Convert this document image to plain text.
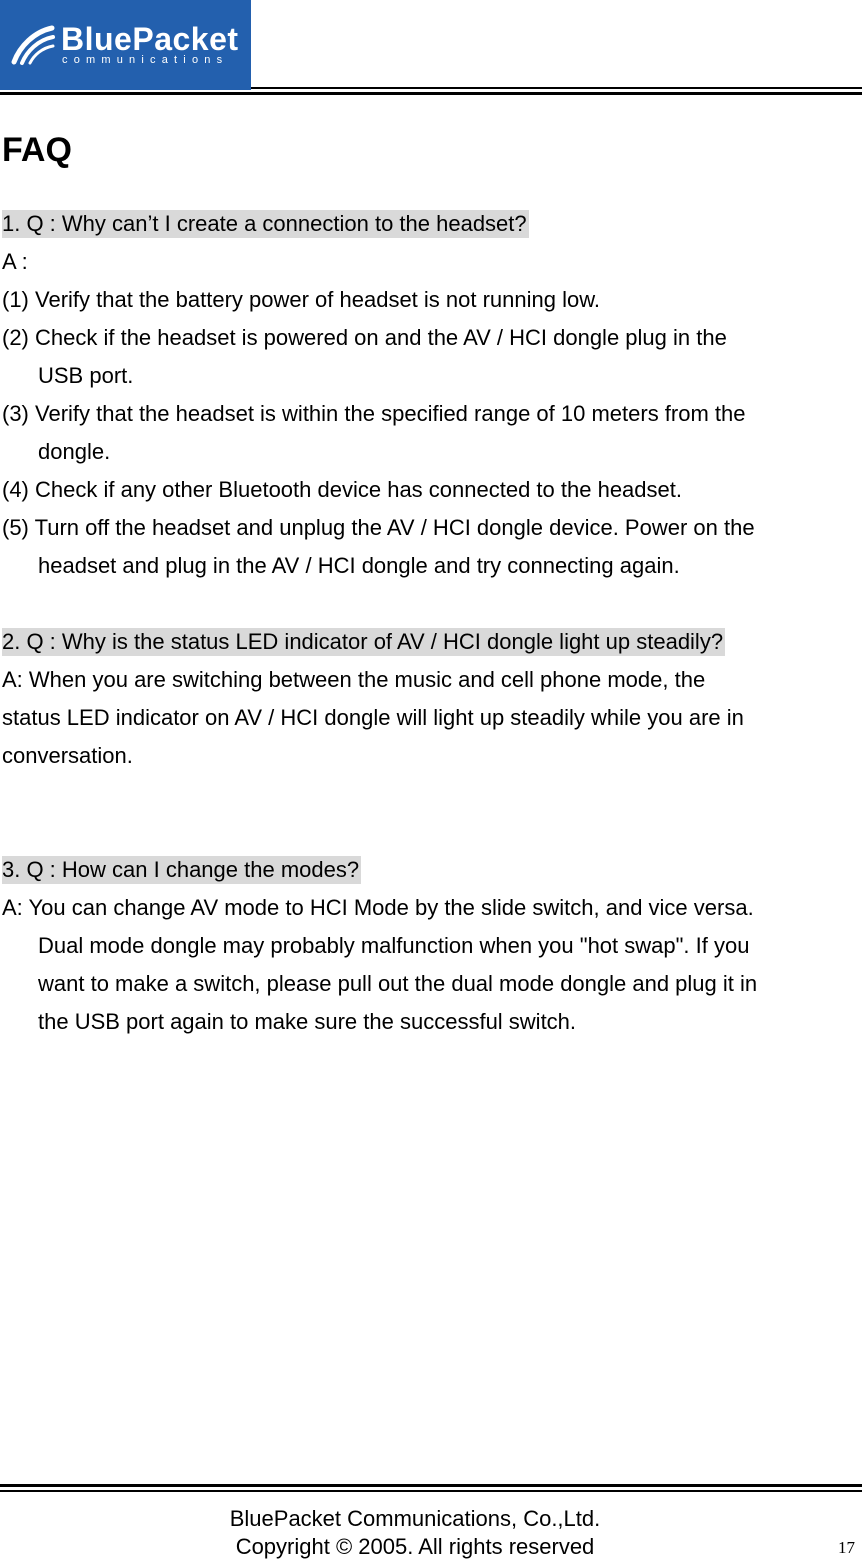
BluePacket
communications
FAQ
1. Q : Why can’t I create a connection to the headset?
A :
(1) Verify that the battery power of headset is not running low.
(2) Check if the headset is powered on and the AV / HCI dongle plug in the
USB port.
(3) Verify that the headset is within the specified range of 10 meters from the
dongle.
(4) Check if any other Bluetooth device has connected to the headset.
(5) Turn off the headset and unplug the AV / HCI dongle device. Power on the
headset and plug in the AV / HCI dongle and try connecting again.
2. Q : Why is the status LED indicator of AV / HCI dongle light up steadily?
A: When you are switching between the music and cell phone mode, the
status LED indicator on AV / HCI dongle will light up steadily while you are in
conversation.
3. Q : How can I change the modes?
A: You can change AV mode to HCI Mode by the slide switch, and vice versa.
Dual mode dongle may probably malfunction when you "hot swap". If you
want to make a switch, please pull out the dual mode dongle and plug it in
the USB port again to make sure the successful switch.
BluePacket Communications, Co.,Ltd.
Copyright © 2005. All rights reserved	17
